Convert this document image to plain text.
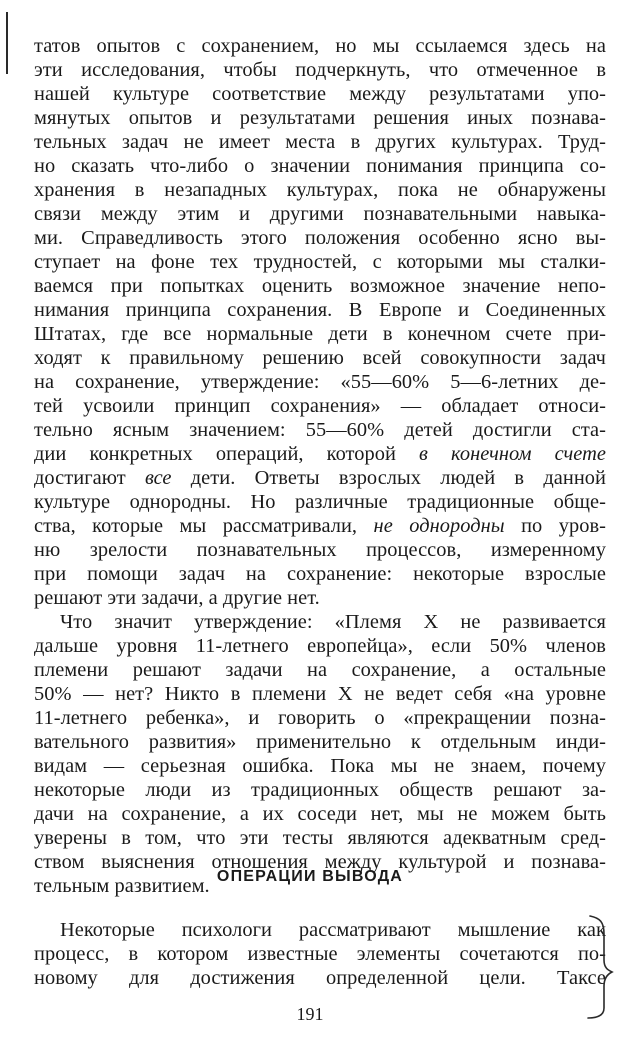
татов опытов с сохранением, но мы ссылаемся здесь на
эти исследования, чтобы подчеркнуть, что отмеченное в
нашей культуре соответствие между результатами упо-
мянутых опытов и результатами решения иных познава-
тельных задач не имеет места в других культурах. Труд-
но сказать что-либо о значении понимания принципа со-
хранения в незападных культурах, пока не обнаружены
связи между этим и другими познавательными навыка-
ми. Справедливость этого положения особенно ясно вы-
ступает на фоне тех трудностей, с которыми мы сталки-
ваемся при попытках оценить возможное значение непо-
нимания принципа сохранения. В Европе и Соединенных
Штатах, где все нормальные дети в конечном счете при-
ходят к правильному решению всей совокупности задач
на сохранение, утверждение: «55—60% 5—6-летних де-
тей усвоили принцип сохранения» — обладает относи-
тельно ясным значением: 55—60% детей достигли ста-
дии конкретных операций, которой в конечном счете
достигают все дети. Ответы взрослых людей в данной
культуре однородны. Но различные традиционные обще-
ства, которые мы рассматривали, не однородны по уров-
ню зрелости познавательных процессов, измеренному
при помощи задач на сохранение: некоторые взрослые
решают эти задачи, а другие нет.
Что значит утверждение: «Племя X не развивается
дальше уровня 11-летнего европейца», если 50% членов
племени решают задачи на сохранение, а остальные
50% — нет? Никто в племени X не ведет себя «на уровне
11-летнего ребенка», и говорить о «прекращении позна-
вательного развития» применительно к отдельным инди-
видам — серьезная ошибка. Пока мы не знаем, почему
некоторые люди из традиционных обществ решают за-
дачи на сохранение, а их соседи нет, мы не можем быть
уверены в том, что эти тесты являются адекватным сред-
ством выяснения отношения между культурой и познава-
тельным развитием. ОПЕРАЦИИ ВЫВОДА
Некоторые психологи рассматривают мышление как
процесс, в котором известные элементы сочетаются по-
новому для достижения определенной цели. Таксе
191
